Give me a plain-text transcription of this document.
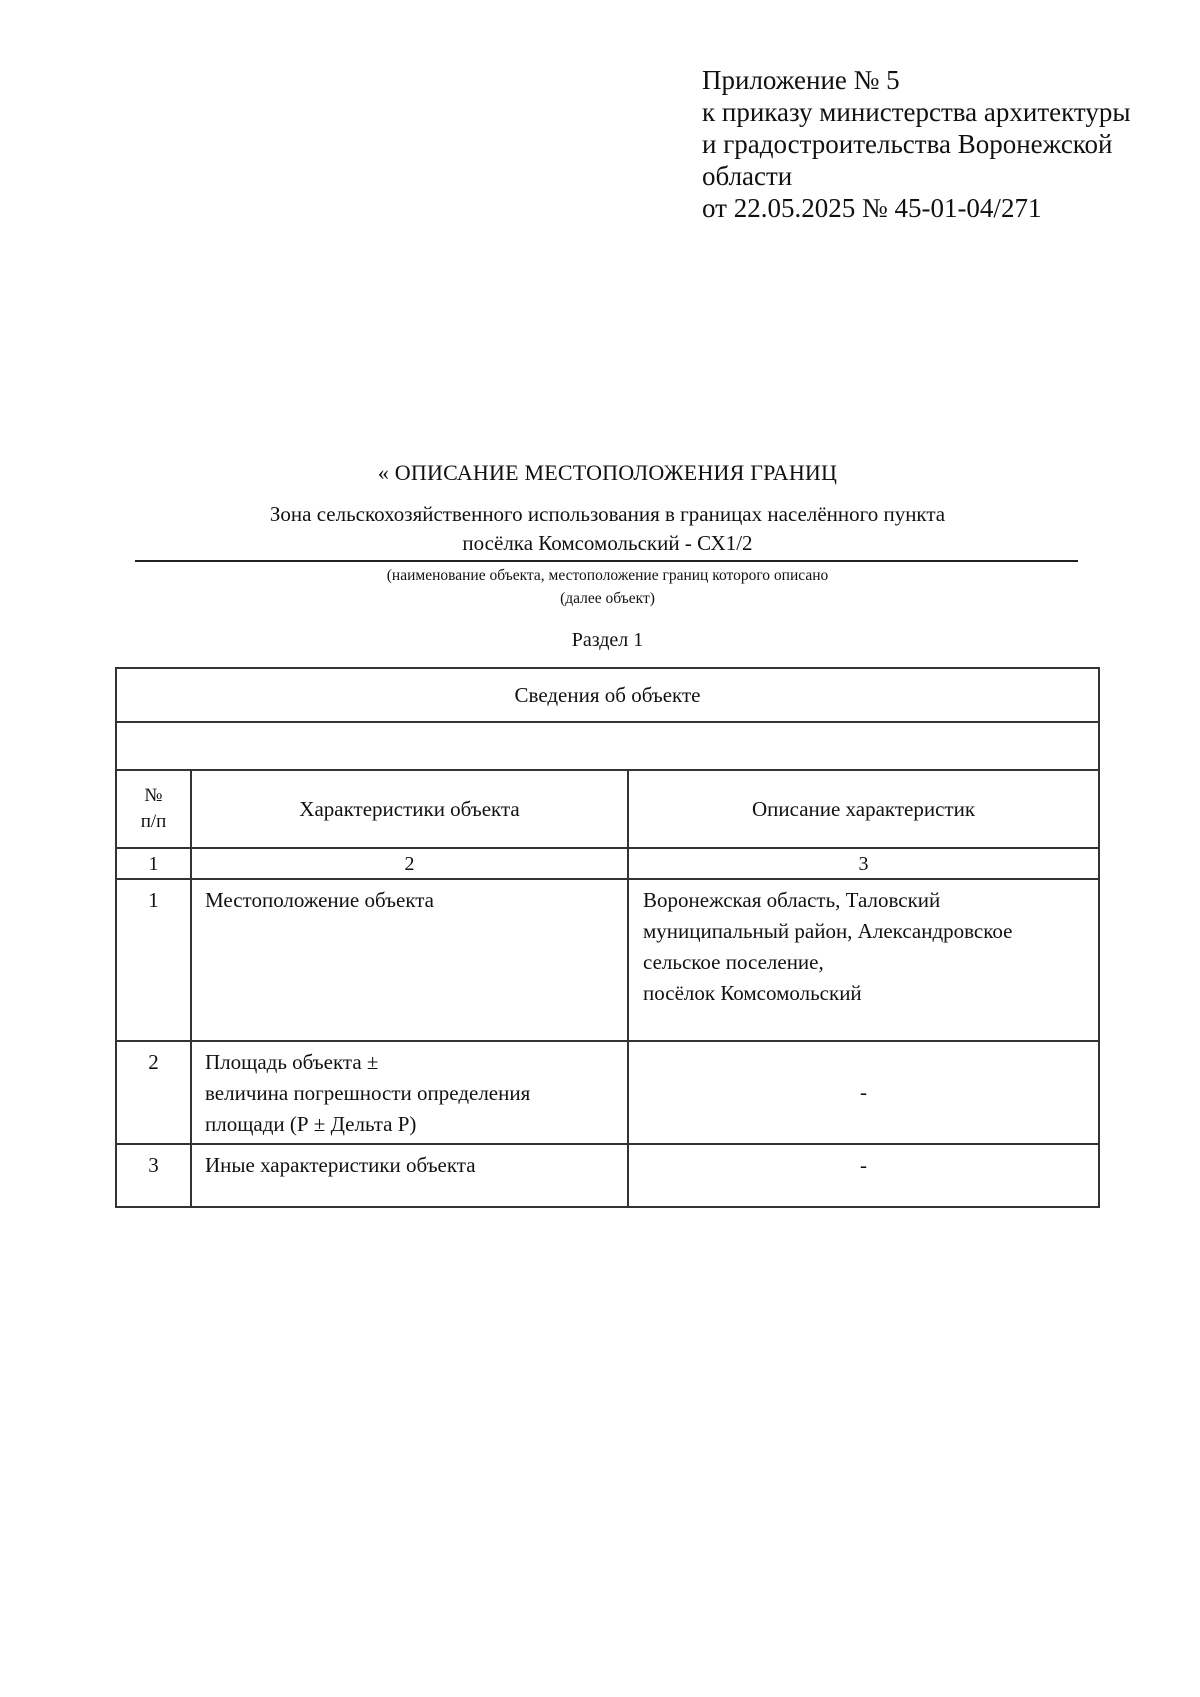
Приложение № 5
к приказу министерства архитектуры
и градостроительства Воронежской
области
от 22.05.2025 № 45-01-04/271
« ОПИСАНИЕ МЕСТОПОЛОЖЕНИЯ ГРАНИЦ
Зона сельскохозяйственного использования в границах населённого пункта
посёлка Комсомольский - СХ1/2
(наименование объекта, местоположение границ которого описано
(далее объект)
Раздел 1
Сведения об объекте		

№
п/п	Характеристики объекта	Описание характеристик
1	2	3
1	Местоположение объекта	Воронежская область, Таловский
муниципальный район, Александровское
сельское поселение,
посёлок Комсомольский

2	Площадь объекта ±
величина погрешности определения
площади (Р ± Дельта Р)	-
3	Иные характеристики объекта	-
